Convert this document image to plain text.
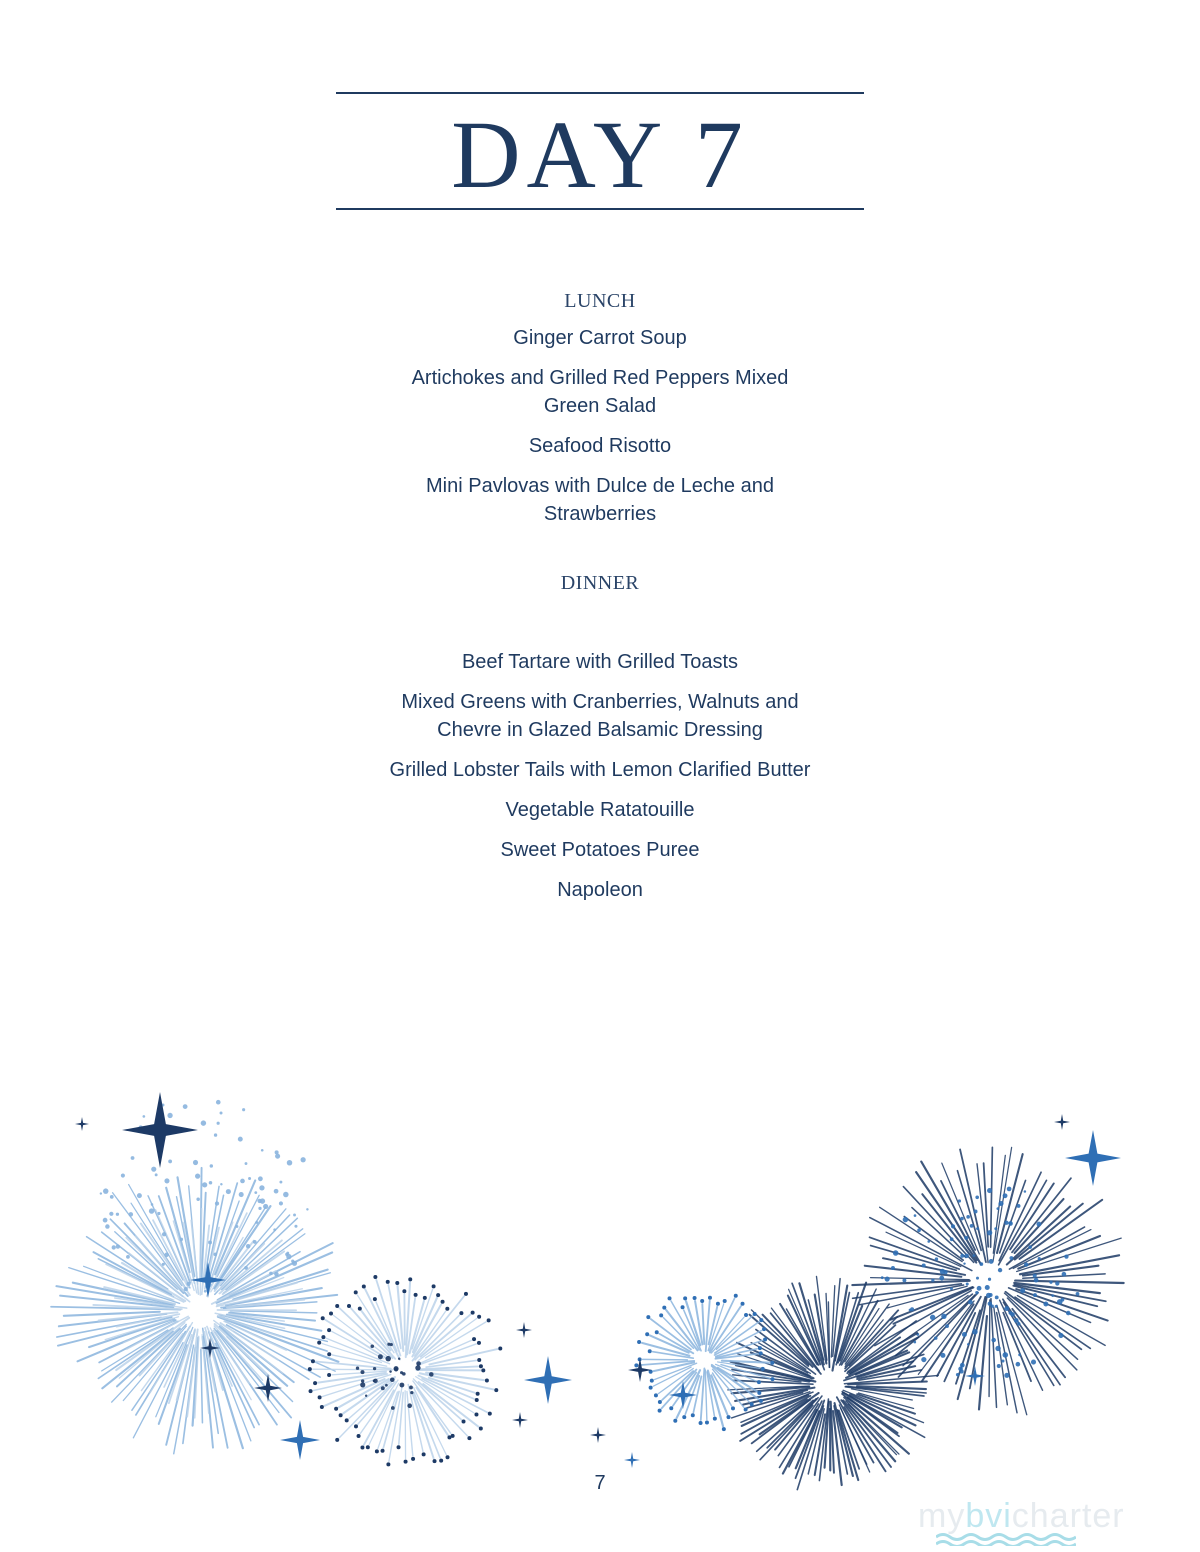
DAY 7
LUNCH
Ginger Carrot Soup
Artichokes and Grilled Red Peppers Mixed
Green Salad
Seafood Risotto
Mini Pavlovas with Dulce de Leche and
Strawberries
DINNER
Beef Tartare with Grilled Toasts
Mixed Greens with Cranberries, Walnuts and
Chevre in Glazed Balsamic Dressing
Grilled Lobster Tails with Lemon Clarified Butter
Vegetable Ratatouille
Sweet Potatoes Puree
Napoleon
7
mybvicharter
